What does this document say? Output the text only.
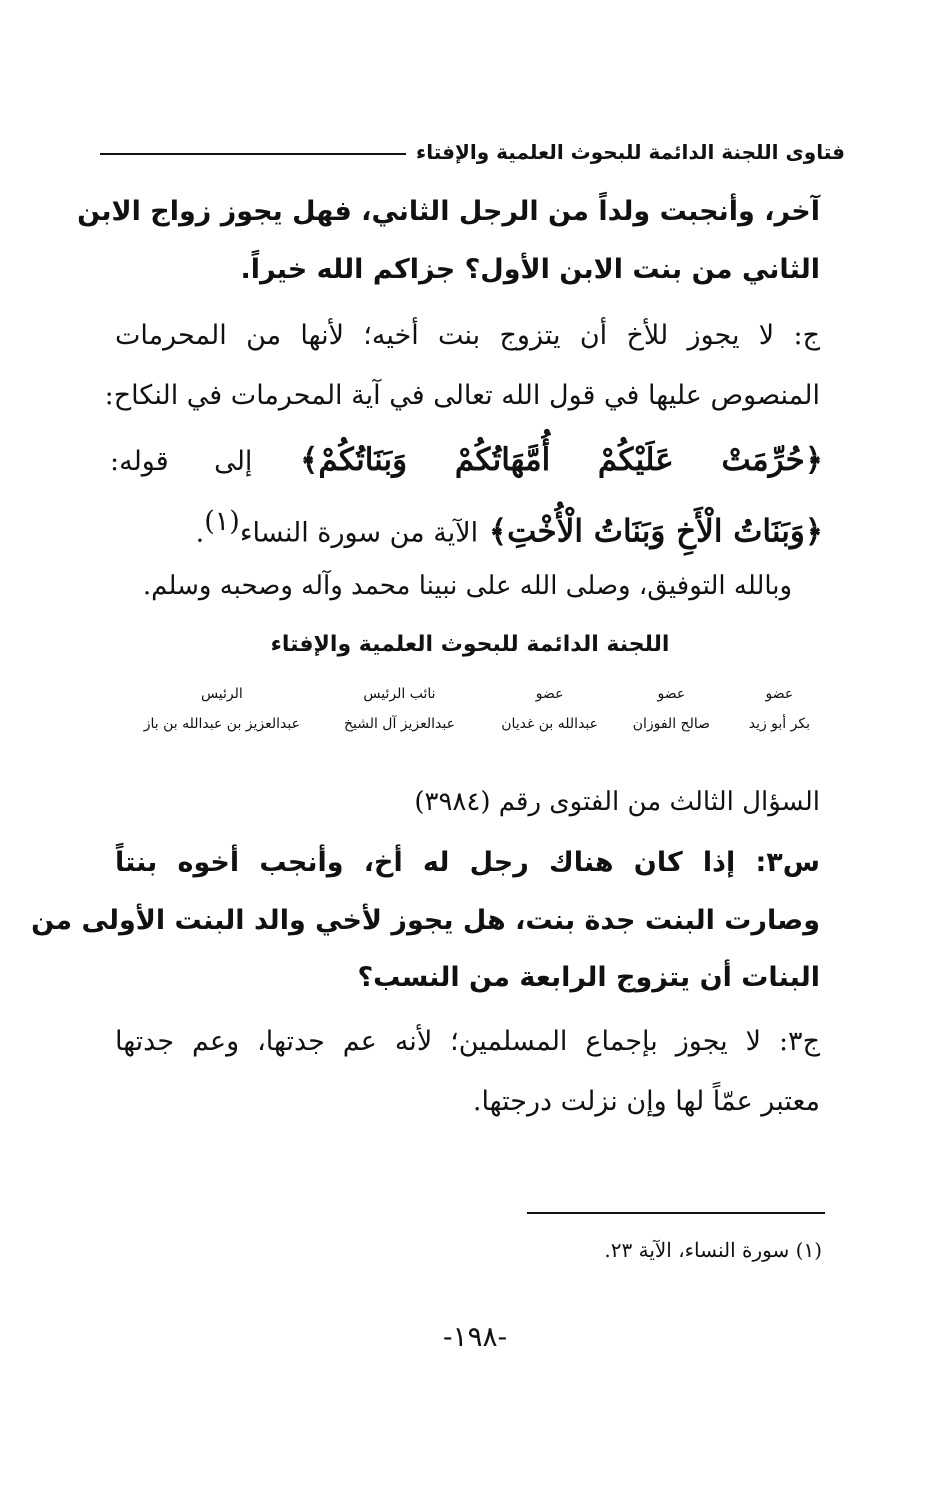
فتاوى اللجنة الدائمة للبحوث العلمية والإفتاء
آخر، وأنجبت ولداً من الرجل الثاني، فهل يجوز زواج الابن
الثاني من بنت الابن الأول؟ جزاكم الله خيراً.
ج: لا يجوز للأخ أن يتزوج بنت أخيه؛ لأنها من المحرمات
المنصوص عليها في قول الله تعالى في آية المحرمات في النكاح:
﴿حُرِّمَتْ عَلَيْكُمْ أُمَّهَاتُكُمْ وَبَنَاتُكُمْ﴾ إلى قوله:
﴿وَبَنَاتُ الْأَخِ وَبَنَاتُ الْأُخْتِ﴾ الآية من سورة النساء$^{(١)}$.
وبالله التوفيق، وصلى الله على نبينا محمد وآله وصحبه وسلم.
اللجنة الدائمة للبحوث العلمية والإفتاء
عضو
بكر أبو زيد
عضو
صالح الفوزان
عضو
عبدالله بن غديان
نائب الرئيس
عبدالعزيز آل الشيخ
الرئيس
عبدالعزيز بن عبدالله بن باز
السؤال الثالث من الفتوى رقم (٣٩٨٤)
س٣: إذا كان هناك رجل له أخ، وأنجب أخوه بنتاً
وصارت البنت جدة بنت، هل يجوز لأخي والد البنت الأولى من
البنات أن يتزوج الرابعة من النسب؟
ج٣: لا يجوز بإجماع المسلمين؛ لأنه عم جدتها، وعم جدتها
معتبر عمّاً لها وإن نزلت درجتها.
(١) سورة النساء، الآية ٢٣.
-١٩٨-
